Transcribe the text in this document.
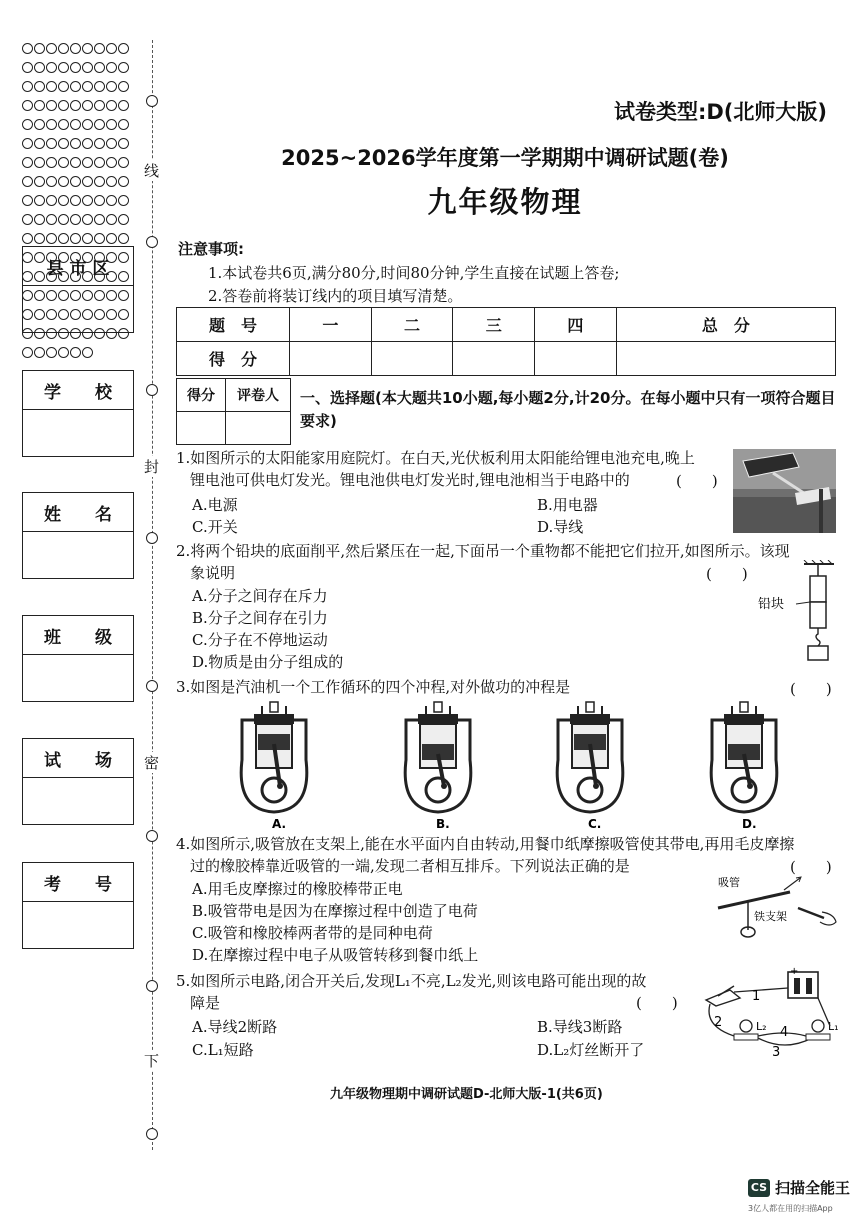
线
封
密
下
县 市 区
学　　校
姓　　名
班　　级
试　　场
考　　号
试卷类型:D(北师大版)
2025~2026学年度第一学期期中调研试题(卷)
九年级物理
注意事项:
1.本试卷共6页,满分80分,时间80分钟,学生直接在试题上答卷;
2.答卷前将装订线内的项目填写清楚。
题　号	一	二	三	四	总　分
得　分					
得分	评卷人
	一、选择题(本大题共10小题,每小题2分,计20分。在每小题中只有一项符合题目要求)
1.如图所示的太阳能家用庭院灯。在白天,光伏板利用太阳能给锂电池充电,晚上
锂电池可供电灯发光。锂电池供电灯发光时,锂电池相当于电路中的	(　　)
A.电源	B.用电器
C.开关	D.导线
2.将两个铅块的底面削平,然后紧压在一起,下面吊一个重物都不能把它们拉开,如图所示。该现
象说明	(　　)
A.分子之间存在斥力
B.分子之间存在引力
C.分子在不停地运动
D.物质是由分子组成的
铅块
3.如图是汽油机一个工作循环的四个冲程,对外做功的冲程是	(　　)
A.	B.	C.	D.
4.如图所示,吸管放在支架上,能在水平面内自由转动,用餐巾纸摩擦吸管使其带电,再用毛皮摩擦
过的橡胶棒靠近吸管的一端,发现二者相互排斥。下列说法正确的是	(　　)
A.用毛皮摩擦过的橡胶棒带正电
B.吸管带电是因为在摩擦过程中创造了电荷
C.吸管和橡胶棒两者带的是同种电荷
D.在摩擦过程中电子从吸管转移到餐巾纸上
吸管
铁支架
5.如图所示电路,闭合开关后,发现L₁不亮,L₂发光,则该电路可能出现的故
障是	(　　)
A.导线2断路	B.导线3断路
C.L₁短路	D.L₂灯丝断开了
+
1
2	L₂
3
4	L₁
九年级物理期中调研试题D-北师大版-1(共6页)
CS 扫描全能王
3亿人都在用的扫描App
